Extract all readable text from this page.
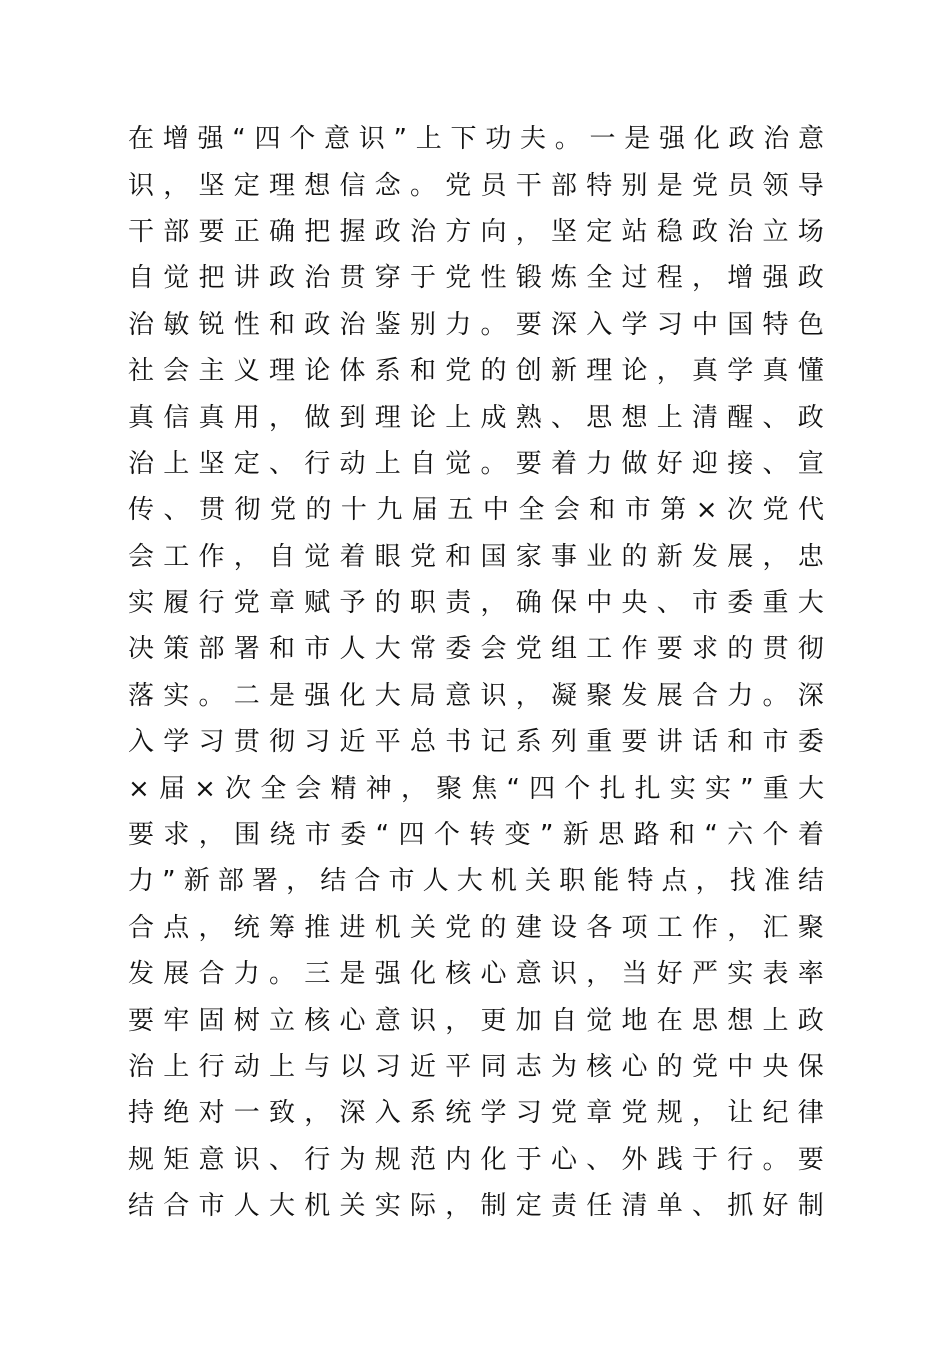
在 增 强 “ 四 个 意 识 ” 上 下 功 夫 。 一 是 强 化 政 治 意
识 ， 坚 定 理 想 信 念 。 党 员 干 部 特 别 是 党 员 领 导
干 部 要 正 确 把 握 政 治 方 向 ， 坚 定 站 稳 政 治 立 场
自 觉 把 讲 政 治 贯 穿 于 党 性 锻 炼 全 过 程 ， 增 强 政
治 敏 锐 性 和 政 治 鉴 别 力 。 要 深 入 学 习 中 国 特 色
社 会 主 义 理 论 体 系 和 党 的 创 新 理 论 ， 真 学 真 懂
真 信 真 用 ， 做 到 理 论 上 成 熟 、 思 想 上 清 醒 、 政
治 上 坚 定 、 行 动 上 自 觉 。 要 着 力 做 好 迎 接 、 宣
传 、 贯 彻 党 的 十 九 届 五 中 全 会 和 市 第 × 次 党 代
会 工 作 ， 自 觉 着 眼 党 和 国 家 事 业 的 新 发 展 ， 忠
实 履 行 党 章 赋 予 的 职 责 ， 确 保 中 央 、 市 委 重 大
决 策 部 署 和 市 人 大 常 委 会 党 组 工 作 要 求 的 贯 彻
落 实 。 二 是 强 化 大 局 意 识 ， 凝 聚 发 展 合 力 。 深
入 学 习 贯 彻 习 近 平 总 书 记 系 列 重 要 讲 话 和 市 委
× 届 × 次 全 会 精 神 ， 聚 焦 “ 四 个 扎 扎 实 实 ” 重 大
要 求 ， 围 绕 市 委 “ 四 个 转 变 ” 新 思 路 和 “ 六 个 着
力 ” 新 部 署 ， 结 合 市 人 大 机 关 职 能 特 点 ， 找 准 结
合 点 ， 统 筹 推 进 机 关 党 的 建 设 各 项 工 作 ， 汇 聚
发 展 合 力 。 三 是 强 化 核 心 意 识 ， 当 好 严 实 表 率
要 牢 固 树 立 核 心 意 识 ， 更 加 自 觉 地 在 思 想 上 政
治 上 行 动 上 与 以 习 近 平 同 志 为 核 心 的 党 中 央 保
持 绝 对 一 致 ， 深 入 系 统 学 习 党 章 党 规 ， 让 纪 律
规 矩 意 识 、 行 为 规 范 内 化 于 心 、 外 践 于 行 。 要
结 合 市 人 大 机 关 实 际 ， 制 定 责 任 清 单 、 抓 好 制
